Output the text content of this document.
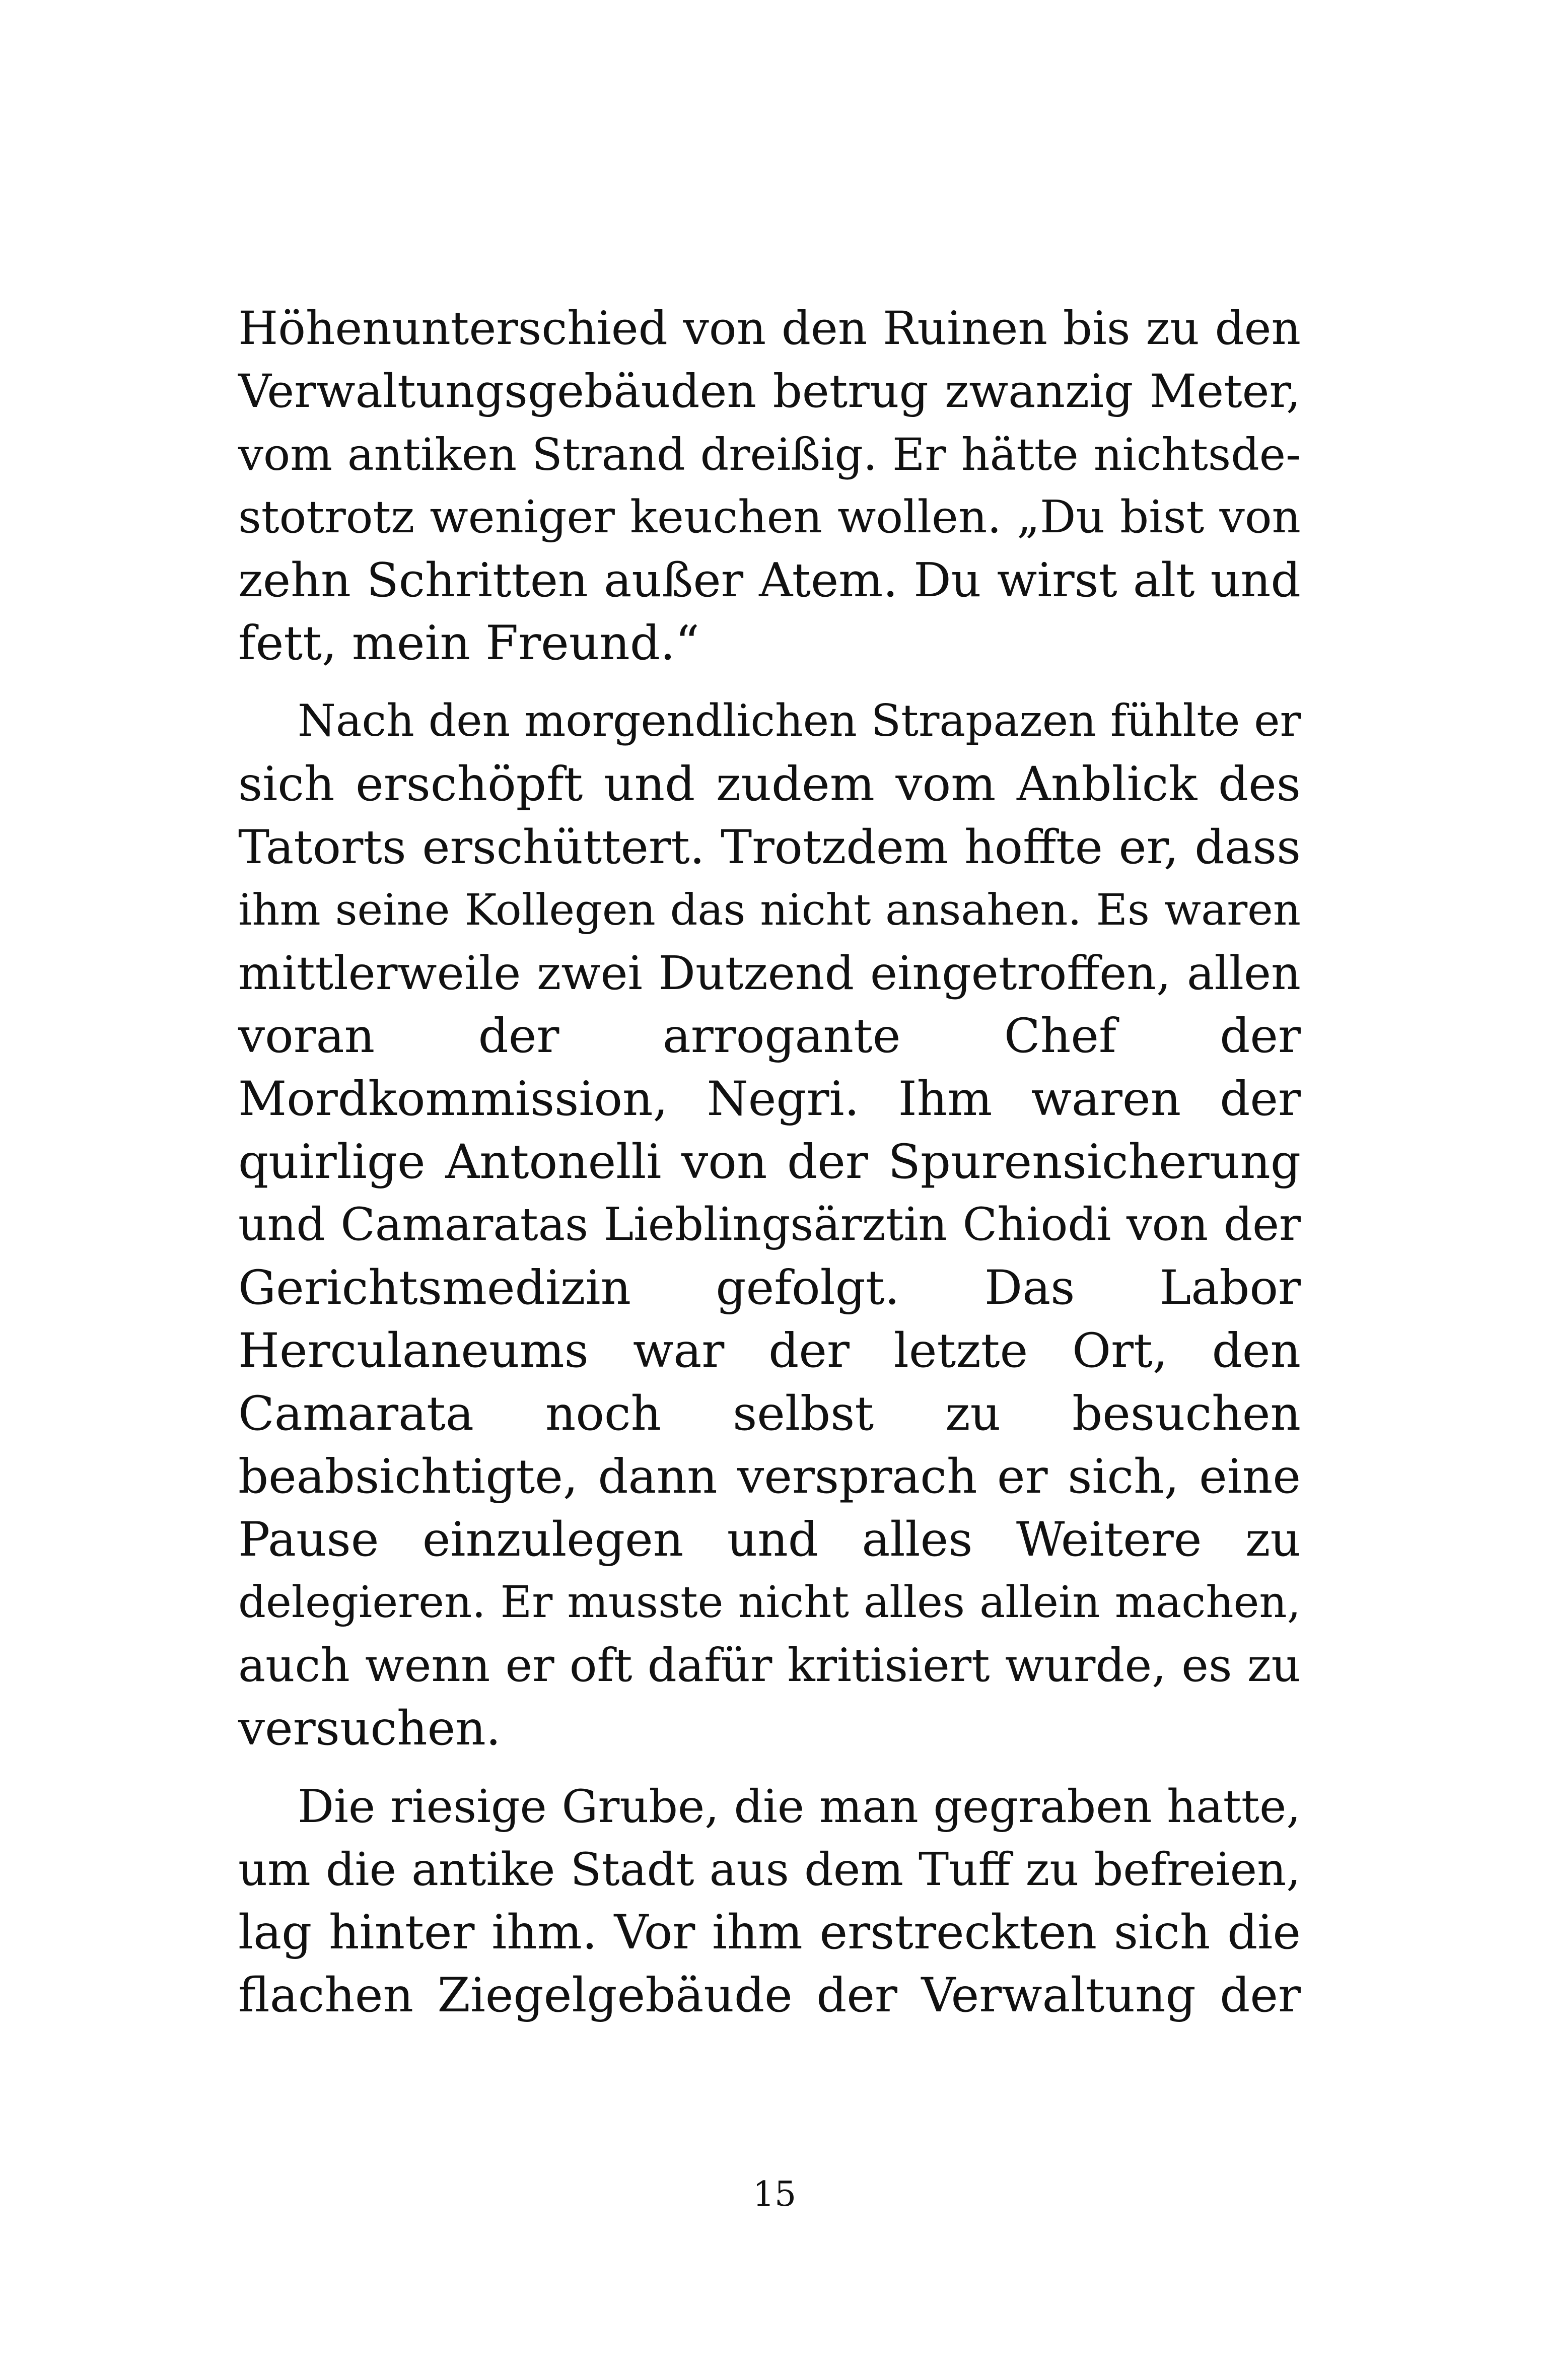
Höhenunterschied von den Ruinen bis zu den
Verwaltungsgebäuden betrug zwanzig Meter,
vom antiken Strand dreißig. Er hätte nichtsde-
stotrotz weniger keuchen wollen. „Du bist von
zehn Schritten außer Atem. Du wirst alt und
fett, mein Freund.“
Nach den morgendlichen Strapazen fühlte er
sich erschöpft und zudem vom Anblick des
Tatorts erschüttert. Trotzdem hoffte er, dass
ihm seine Kollegen das nicht ansahen. Es waren
mittlerweile zwei Dutzend eingetroffen, allen
voran der arrogante Chef der
Mordkommission, Negri. Ihm waren der
quirlige Antonelli von der Spurensicherung
und Camaratas Lieblingsärztin Chiodi von der
Gerichtsmedizin gefolgt. Das Labor
Herculaneums war der letzte Ort, den
Camarata noch selbst zu besuchen
beabsichtigte, dann versprach er sich, eine
Pause einzulegen und alles Weitere zu
delegieren. Er musste nicht alles allein machen,
auch wenn er oft dafür kritisiert wurde, es zu
versuchen.
Die riesige Grube, die man gegraben hatte,
um die antike Stadt aus dem Tuff zu befreien,
lag hinter ihm. Vor ihm erstreckten sich die
flachen Ziegelgebäude der Verwaltung der
15
